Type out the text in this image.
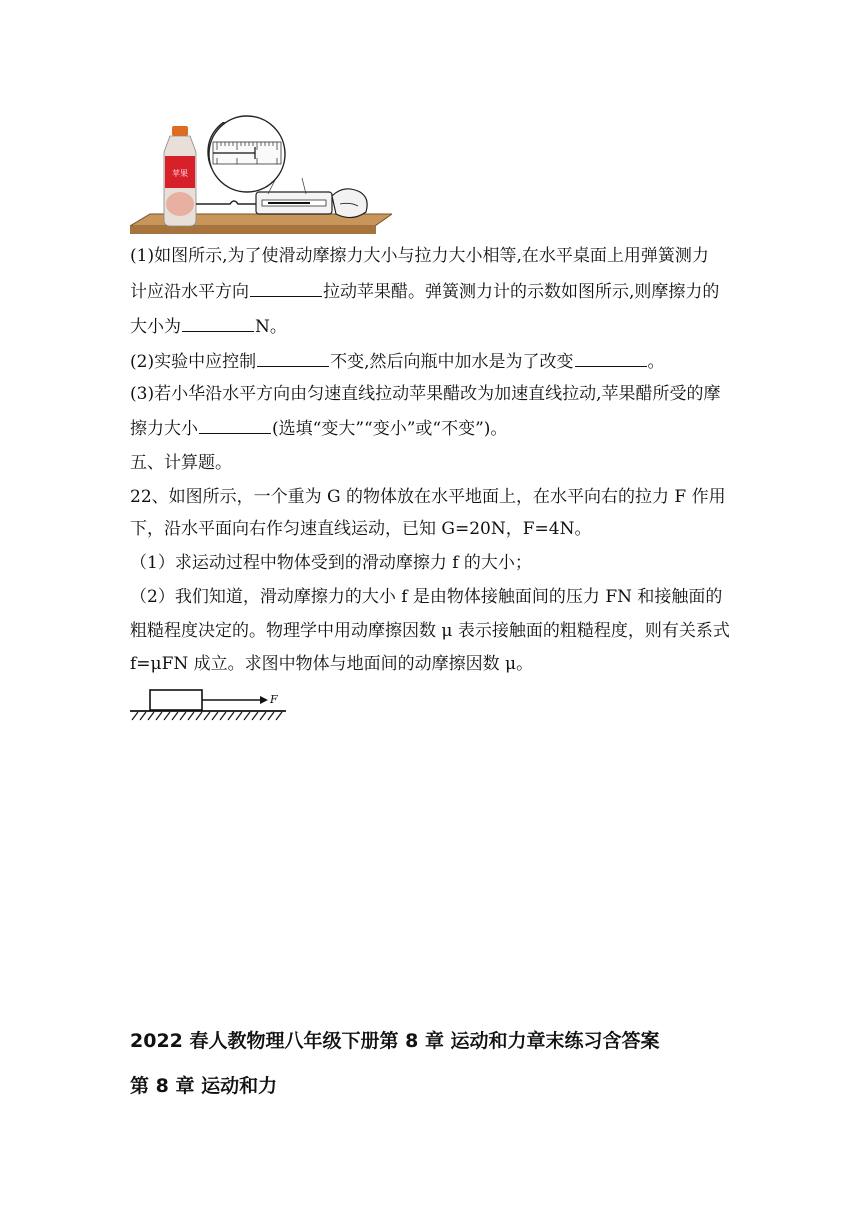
苹果
(1)如图所示,为了使滑动摩擦力大小与拉力大小相等,在水平桌面上用弹簧测力
计应沿水平方向	拉动苹果醋。弹簧测力计的示数如图所示,则摩擦力的
大小为	N。
(2)实验中应控制	不变,然后向瓶中加水是为了改变	。
(3)若小华沿水平方向由匀速直线拉动苹果醋改为加速直线拉动,苹果醋所受的摩
擦力大小	(选填“变大”“变小”或“不变”)。
五、计算题。
22、如图所示，一个重为 G 的物体放在水平地面上，在水平向右的拉力 F 作用
下，沿水平面向右作匀速直线运动，已知 G=20N，F=4N。
（1）求运动过程中物体受到的滑动摩擦力 f 的大小；
（2）我们知道，滑动摩擦力的大小 f 是由物体接触面间的压力 FN 和接触面的
粗糙程度决定的。物理学中用动摩擦因数 μ 表示接触面的粗糙程度，则有关系式
f=μFN 成立。求图中物体与地面间的动摩擦因数 μ。
F
2022 春人教物理八年级下册第 8 章 运动和力章末练习含答案
第 8 章 运动和力
